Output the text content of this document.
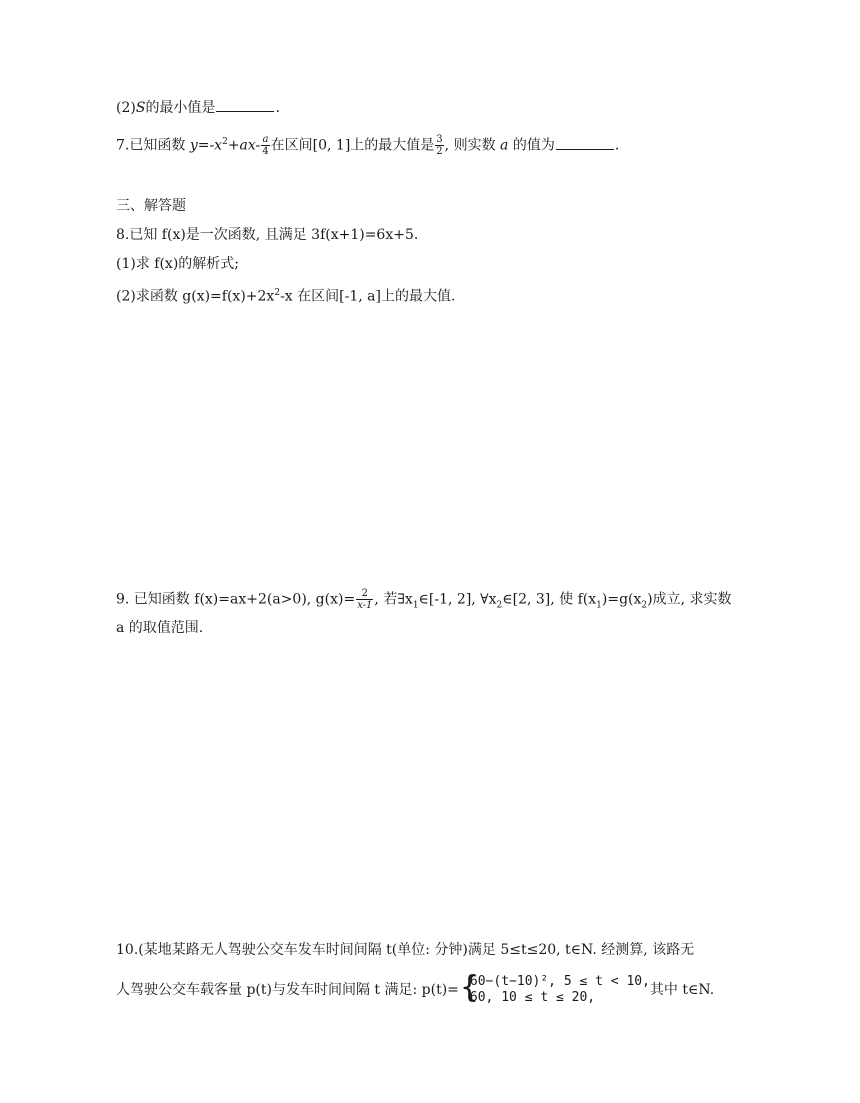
(2)S的最小值是	.
7.已知函数 $y=-x^2+ax- \frac{a}{4}$ 在区间[0, 1]上的最大值是 $\frac{3}{2}$ , 则实数 a 的值为	.
三、解答题
8.已知 f(x)是一次函数, 且满足 3f(x+1)=6x+5.
(1)求 f(x)的解析式;
(2)求函数 $g(x)=f(x)+2x^2-x$ 在区间[-1, a]上的最大值.
9. 已知函数 f(x)=ax+2(a>0), $g(x)= \frac{2}{x-1}$ , 若$\exists x_1\in[-1$, 2], $\forall x_2\in[2$, 3], 使 $f(x_1)=g(x_2)$成立, 求实数
a 的取值范围.
10.(某地某路无人驾驶公交车发车时间间隔 t(单位: 分钟)满足 5≤t≤20, t∈N. 经测算, 该路无
人驾驶公交车载客量 p(t)与发车时间间隔 t 满足: p(t)= {
60−(t−10)², 5 ≤ t < 10,
60, 10 ≤ t ≤ 20,	其中 t∈N.
